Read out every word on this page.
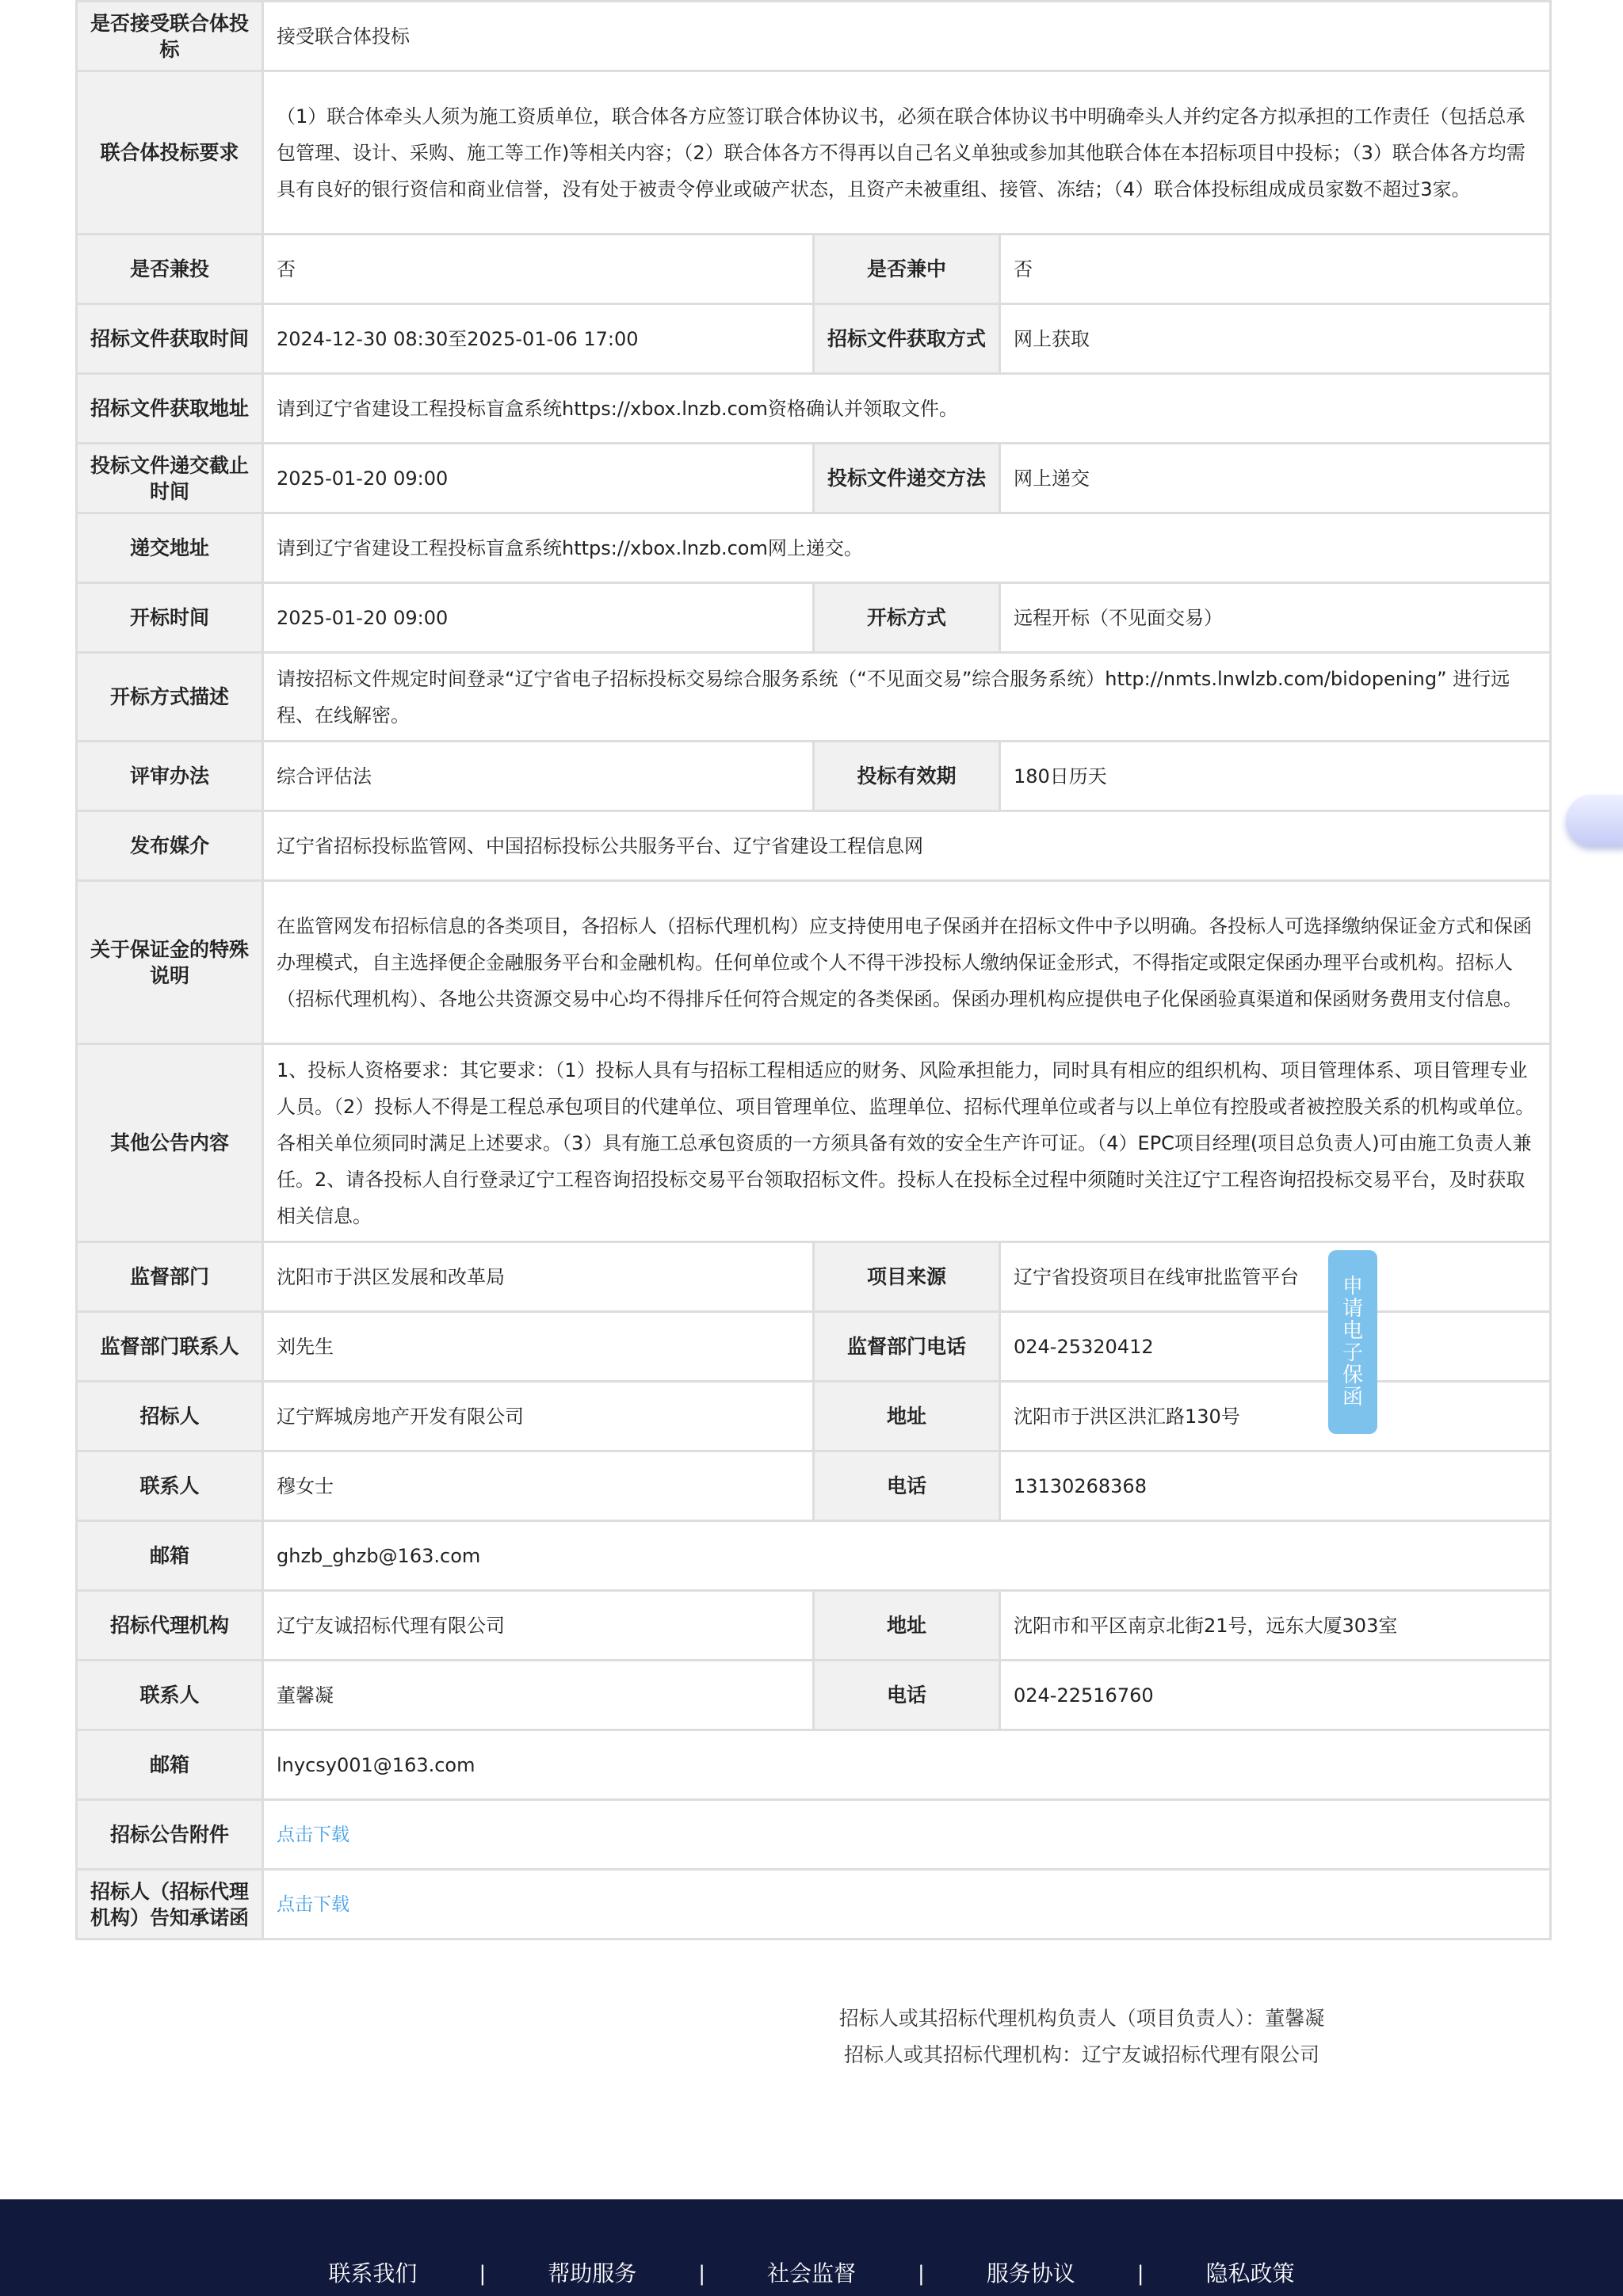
是否接受联合体投标	接受联合体投标		
联合体投标要求	（1）联合体牵头人须为施工资质单位，联合体各方应签订联合体协议书，必须在联合体协议书中明确牵头人并约定各方拟承担的工作责任（包括总承包管理、设计、采购、施工等工作)等相关内容；（2）联合体各方不得再以自己名义单独或参加其他联合体在本招标项目中投标；（3）联合体各方均需具有良好的银行资信和商业信誉，没有处于被责令停业或破产状态，且资产未被重组、接管、冻结；（4）联合体投标组成成员家数不超过3家。		
是否兼投	否	是否兼中	否
招标文件获取时间	2024-12-30 08:30至2025-01-06 17:00	招标文件获取方式	网上获取
招标文件获取地址	请到辽宁省建设工程投标盲盒系统https://xbox.lnzb.com资格确认并领取文件。		
投标文件递交截止时间	2025-01-20 09:00	投标文件递交方法	网上递交
递交地址	请到辽宁省建设工程投标盲盒系统https://xbox.lnzb.com网上递交。		
开标时间	2025-01-20 09:00	开标方式	远程开标（不见面交易）
开标方式描述	请按招标文件规定时间登录“辽宁省电子招标投标交易综合服务系统（“不见面交易”综合服务系统）http://nmts.lnwlzb.com/bidopening” 进行远程、在线解密。		
评审办法	综合评估法	投标有效期	180日历天
发布媒介	辽宁省招标投标监管网、中国招标投标公共服务平台、辽宁省建设工程信息网		
关于保证金的特殊说明	在监管网发布招标信息的各类项目，各招标人（招标代理机构）应支持使用电子保函并在招标文件中予以明确。各投标人可选择缴纳保证金方式和保函办理模式，自主选择便企金融服务平台和金融机构。任何单位或个人不得干涉投标人缴纳保证金形式，不得指定或限定保函办理平台或机构。招标人（招标代理机构）、各地公共资源交易中心均不得排斥任何符合规定的各类保函。保函办理机构应提供电子化保函验真渠道和保函财务费用支付信息。		
其他公告内容	1、投标人资格要求：其它要求：（1）投标人具有与招标工程相适应的财务、风险承担能力，同时具有相应的组织机构、项目管理体系、项目管理专业人员。（2）投标人不得是工程总承包项目的代建单位、项目管理单位、监理单位、招标代理单位或者与以上单位有控股或者被控股关系的机构或单位。 各相关单位须同时满足上述要求。（3）具有施工总承包资质的一方须具备有效的安全生产许可证。（4）EPC项目经理(项目总负责人)可由施工负责人兼任。2、请各投标人自行登录辽宁工程咨询招投标交易平台领取招标文件。投标人在投标全过程中须随时关注辽宁工程咨询招投标交易平台，及时获取相关信息。		
监督部门	沈阳市于洪区发展和改革局	项目来源	辽宁省投资项目在线审批监管平台
监督部门联系人	刘先生	监督部门电话	024-25320412
招标人	辽宁辉城房地产开发有限公司	地址	沈阳市于洪区洪汇路130号
联系人	穆女士	电话	13130268368
邮箱	ghzb_ghzb@163.com		
招标代理机构	辽宁友诚招标代理有限公司	地址	沈阳市和平区南京北街21号，远东大厦303室
联系人	董馨凝	电话	024-22516760
邮箱	lnycsy001@163.com		
招标公告附件	点击下载		
招标人（招标代理机构）告知承诺函	点击下载		
招标人或其招标代理机构负责人（项目负责人）：董馨凝
招标人或其招标代理机构：辽宁友诚招标代理有限公司
申请电子保函
联系我们	|	帮助服务	|	社会监督	|	服务协议	|	隐私政策
